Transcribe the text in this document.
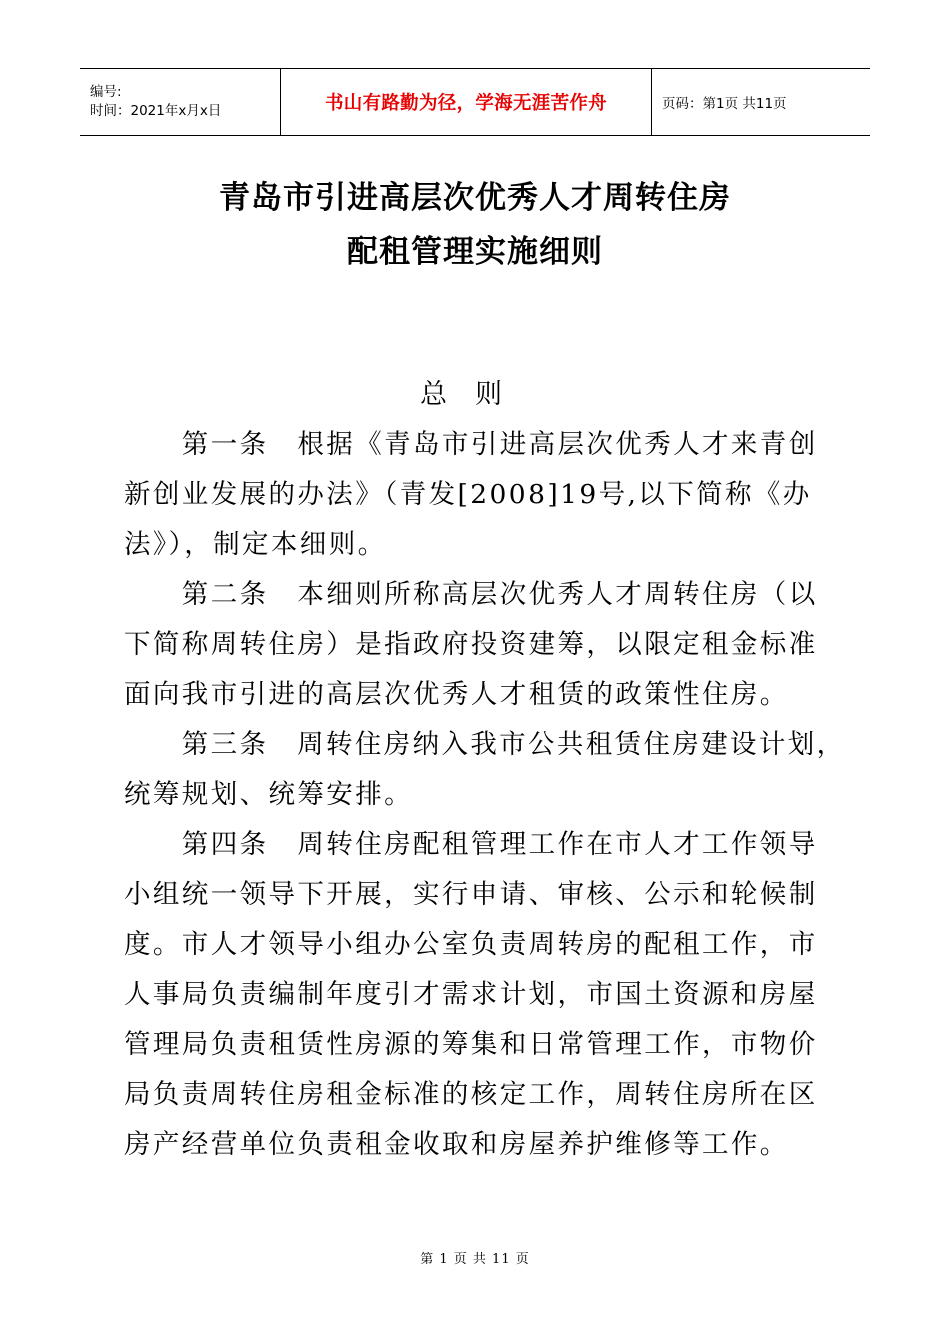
编号:
时间：2021年x月x日	书山有路勤为径，学海无涯苦作舟	页码：第1页 共11页
青岛市引进高层次优秀人才周转住房
配租管理实施细则
总则
　　第一条　根据《青岛市引进高层次优秀人才来青创
新创业发展的办法》（青发[2008]19号,以下简称《办
法》），制定本细则。
　　第二条　本细则所称高层次优秀人才周转住房（以
下简称周转住房）是指政府投资建筹，以限定租金标准
面向我市引进的高层次优秀人才租赁的政策性住房。
　　第三条　周转住房纳入我市公共租赁住房建设计划，
统筹规划、统筹安排。
　　第四条　周转住房配租管理工作在市人才工作领导
小组统一领导下开展，实行申请、审核、公示和轮候制
度。市人才领导小组办公室负责周转房的配租工作，市
人事局负责编制年度引才需求计划，市国土资源和房屋
管理局负责租赁性房源的筹集和日常管理工作，市物价
局负责周转住房租金标准的核定工作，周转住房所在区
房产经营单位负责租金收取和房屋养护维修等工作。
第 1 页 共 11 页
